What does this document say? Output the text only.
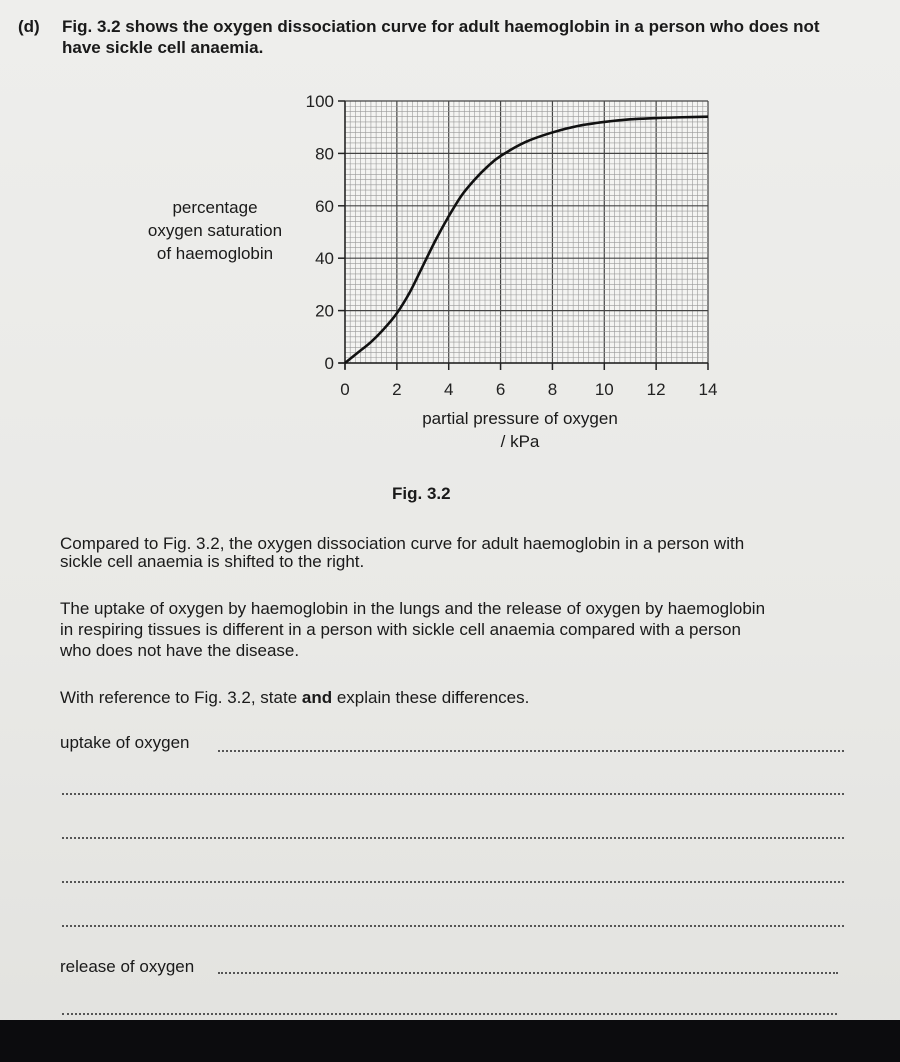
(d) Fig. 3.2 shows the oxygen dissociation curve for adult haemoglobin in a person who does not
have sickle cell anaemia.
percentage
oxygen saturation
of haemoglobin
0
20
40
60
80
100
0 2 4 6 8 10 12 14
partial pressure of oxygen
/ kPa
Fig. 3.2
Compared to Fig. 3.2, the oxygen dissociation curve for adult haemoglobin in a person with
sickle cell anaemia is shifted to the right.
The uptake of oxygen by haemoglobin in the lungs and the release of oxygen by haemoglobin
in respiring tissues is different in a person with sickle cell anaemia compared with a person
who does not have the disease.
With reference to Fig. 3.2, state and explain these differences.
uptake of oxygen
release of oxygen
